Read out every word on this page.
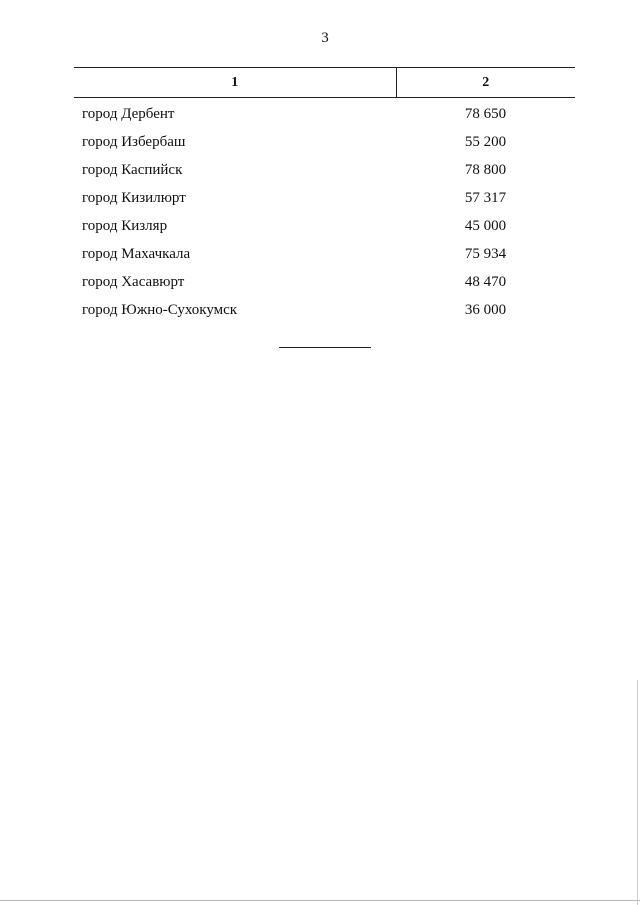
3
1	2
город Дербент	78 650
город Избербаш	55 200
город Каспийск	78 800
город Кизилюрт	57 317
город Кизляр	45 000
город Махачкала	75 934
город Хасавюрт	48 470
город Южно-Сухокумск	36 000
